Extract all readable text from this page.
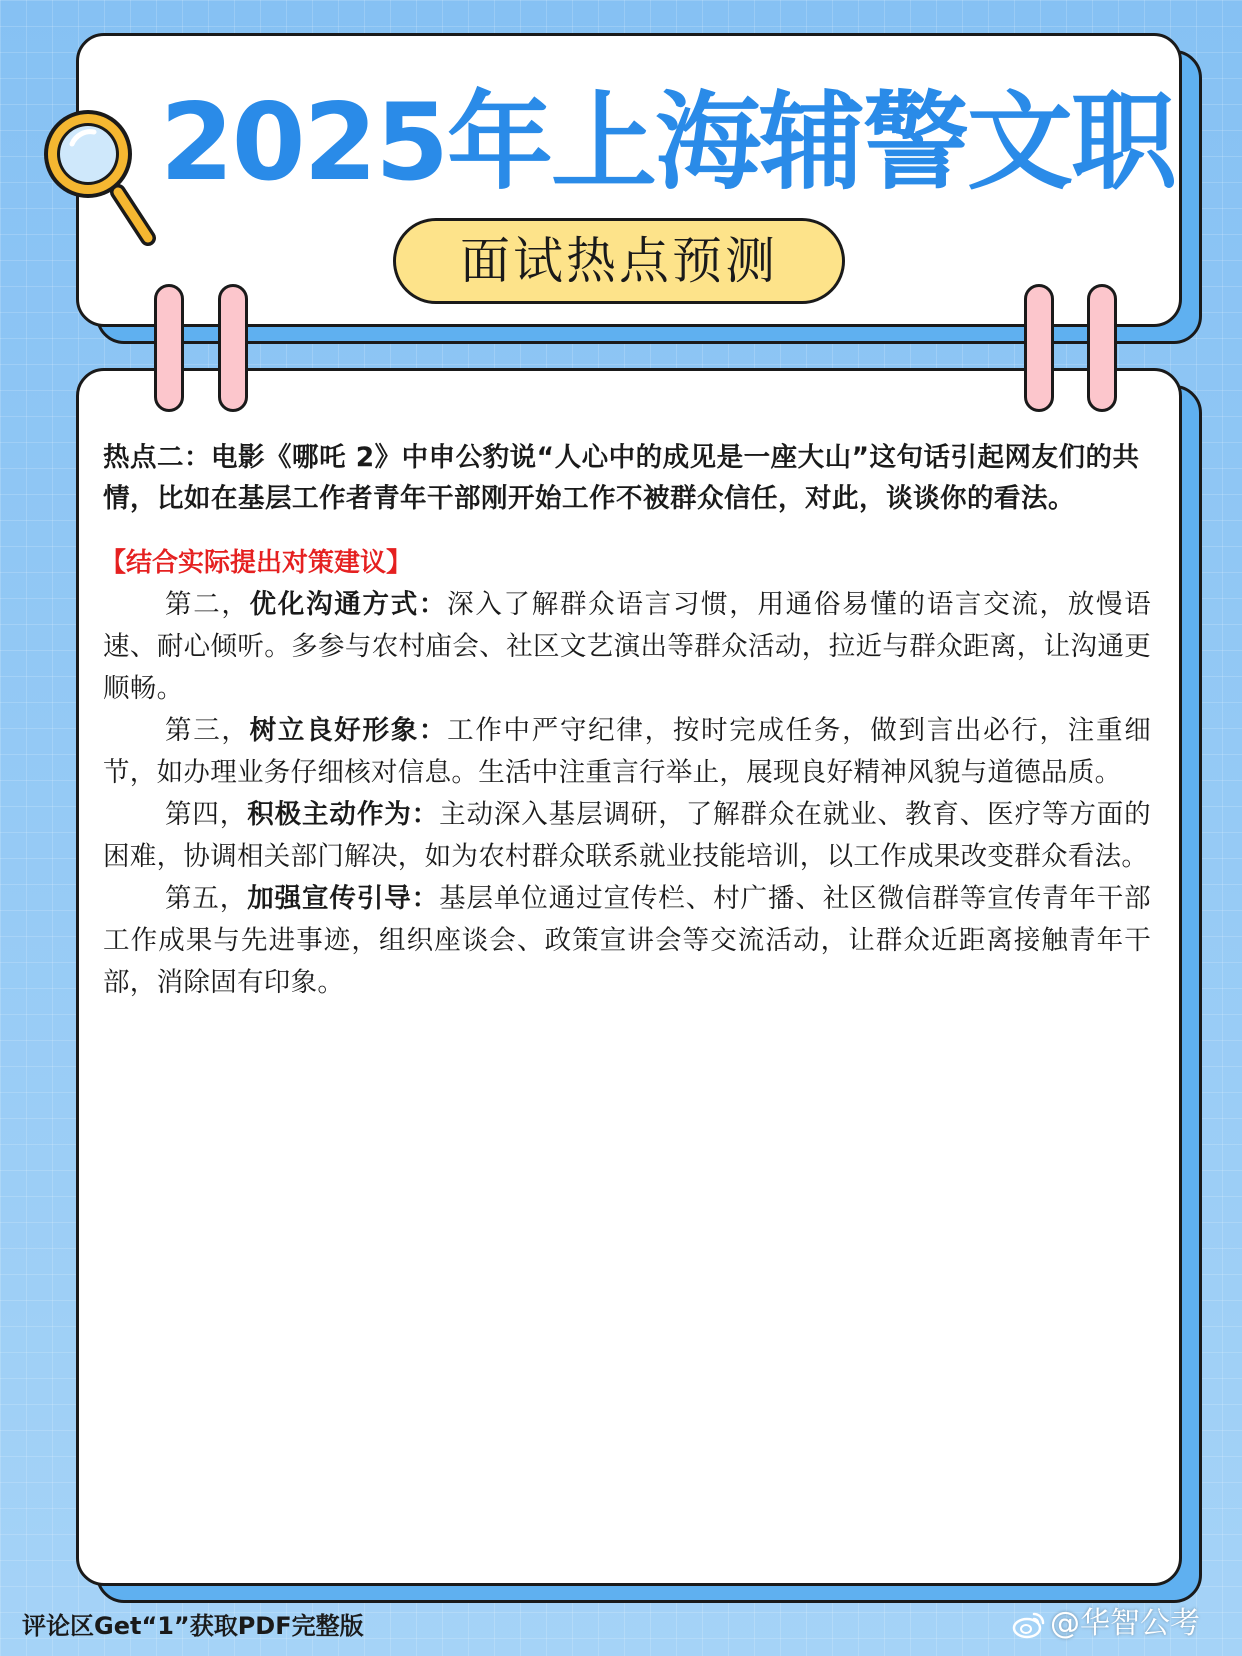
2025年上海辅警文职
面试热点预测

热点二：电影《哪吒 2》中申公豹说“人心中的成见是一座大山”这句话引起网友们的共情，比如在基层工作者青年干部刚开始工作不被群众信任，对此，谈谈你的看法。

【结合实际提出对策建议】

第二，优化沟通方式：深入了解群众语言习惯，用通俗易懂的语言交流，放慢语速、耐心倾听。多参与农村庙会、社区文艺演出等群众活动，拉近与群众距离，让沟通更顺畅。

第三，树立良好形象：工作中严守纪律，按时完成任务，做到言出必行，注重细节，如办理业务仔细核对信息。生活中注重言行举止，展现良好精神风貌与道德品质。

第四，积极主动作为：主动深入基层调研，了解群众在就业、教育、医疗等方面的困难，协调相关部门解决，如为农村群众联系就业技能培训，以工作成果改变群众看法。

第五，加强宣传引导：基层单位通过宣传栏、村广播、社区微信群等宣传青年干部工作成果与先进事迹，组织座谈会、政策宣讲会等交流活动，让群众近距离接触青年干部，消除固有印象。

评论区Get“1”获取PDF完整版	@华智公考
